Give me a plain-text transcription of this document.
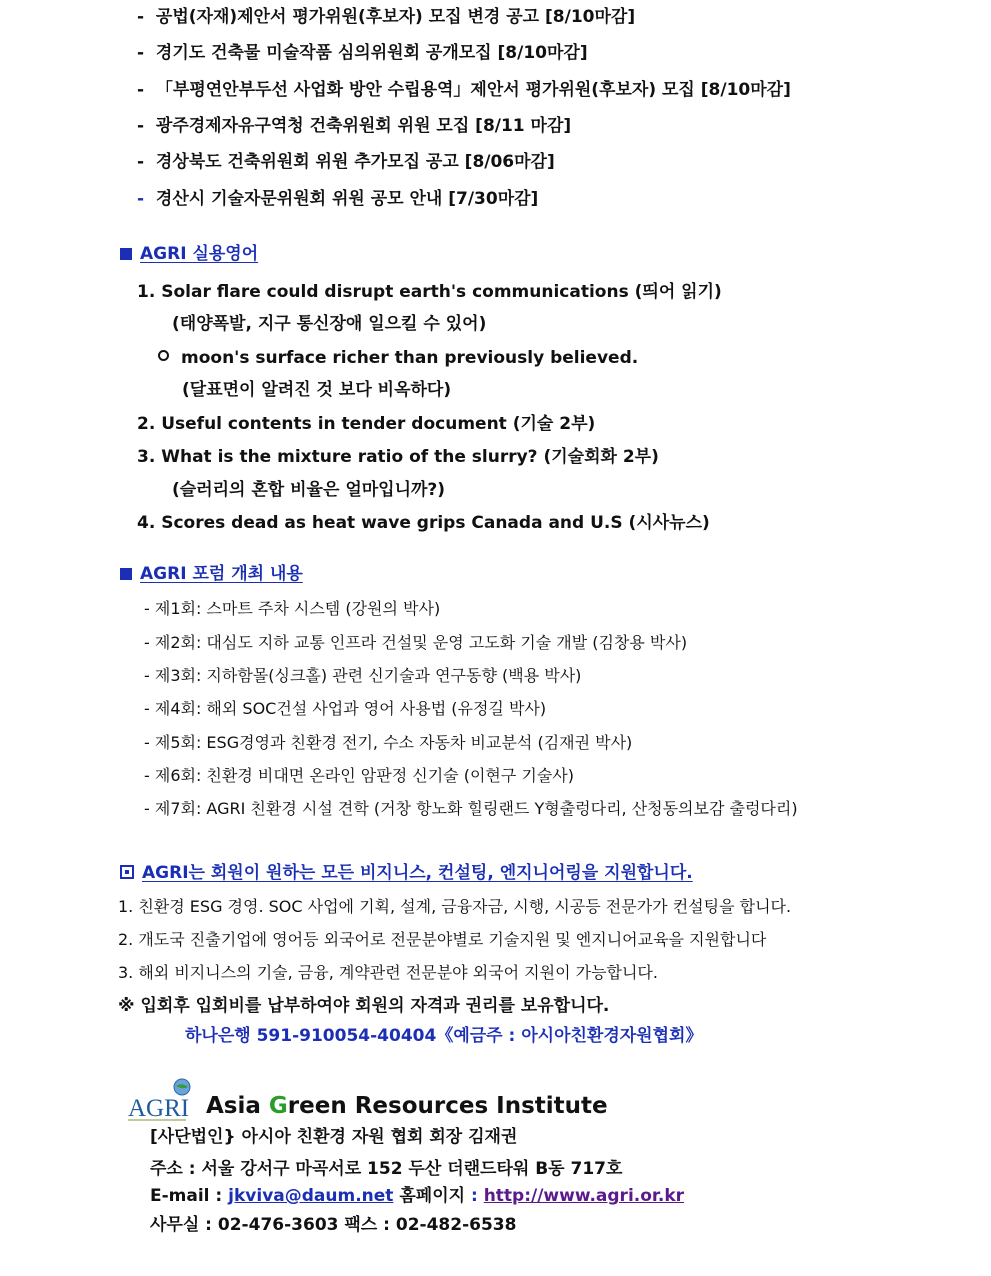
- 공법(자재)제안서 평가위원(후보자) 모집 변경 공고 [8/10마감]
- 경기도 건축물 미술작품 심의위원회 공개모집 [8/10마감]
- 「부평연안부두선 사업화 방안 수립용역」제안서 평가위원(후보자) 모집 [8/10마감]
- 광주경제자유구역청 건축위원회 위원 모집 [8/11 마감]
- 경상북도 건축위원회 위원 추가모집 공고 [8/06마감]
- 경산시 기술자문위원회 위원 공모 안내 [7/30마감]
AGRI 실용영어
1. Solar flare could disrupt earth's communications (띄어 읽기)
(태양폭발, 지구 통신장애 일으킬 수 있어)
moon's surface richer than previously believed.
(달표면이 알려진 것 보다 비옥하다)
2. Useful contents in tender document (기술 2부)
3. What is the mixture ratio of the slurry? (기술회화 2부)
(슬러리의 혼합 비율은 얼마입니까?)
4. Scores dead as heat wave grips Canada and U.S (시사뉴스)
AGRI 포럼 개최 내용
- 제1회: 스마트 주차 시스템 (강원의 박사)
- 제2회: 대심도 지하 교통 인프라 건설및 운영 고도화 기술 개발 (김창용 박사)
- 제3회: 지하함몰(싱크홀) 관련 신기술과 연구동향 (백용 박사)
- 제4회: 해외 SOC건설 사업과 영어 사용법 (유정길 박사)
- 제5회: ESG경영과 친환경 전기, 수소 자동차 비교분석 (김재권 박사)
- 제6회: 친환경 비대면 온라인 암판정 신기술 (이현구 기술사)
- 제7회: AGRI 친환경 시설 견학 (거창 항노화 힐링랜드 Y형출렁다리, 산청동의보감 출렁다리)
AGRI는 회원이 원하는 모든 비지니스, 컨설팅, 엔지니어링을 지원합니다.
1. 친환경 ESG 경영. SOC 사업에 기획, 설계, 금융자금, 시행, 시공등 전문가가 컨설팅을 합니다.
2. 개도국 진출기업에 영어등 외국어로 전문분야별로 기술지원 및 엔지니어교육을 지원합니다
3. 해외 비지니스의 기술, 금융, 계약관련 전문분야 외국어 지원이 가능합니다.
※ 입회후 입회비를 납부하여야 회원의 자격과 권리를 보유합니다.
하나은행 591-910054-40404《예금주 : 아시아친환경자원협회》
AGRI Asia Green Resources Institute
[사단법인} 아시아 친환경 자원 협회 회장 김재권
주소 : 서울 강서구 마곡서로 152 두산 더랜드타워 B동 717호
E-mail : jkviva@daum.net 홈페이지 : http://www.agri.or.kr
사무실 : 02-476-3603 팩스 : 02-482-6538
